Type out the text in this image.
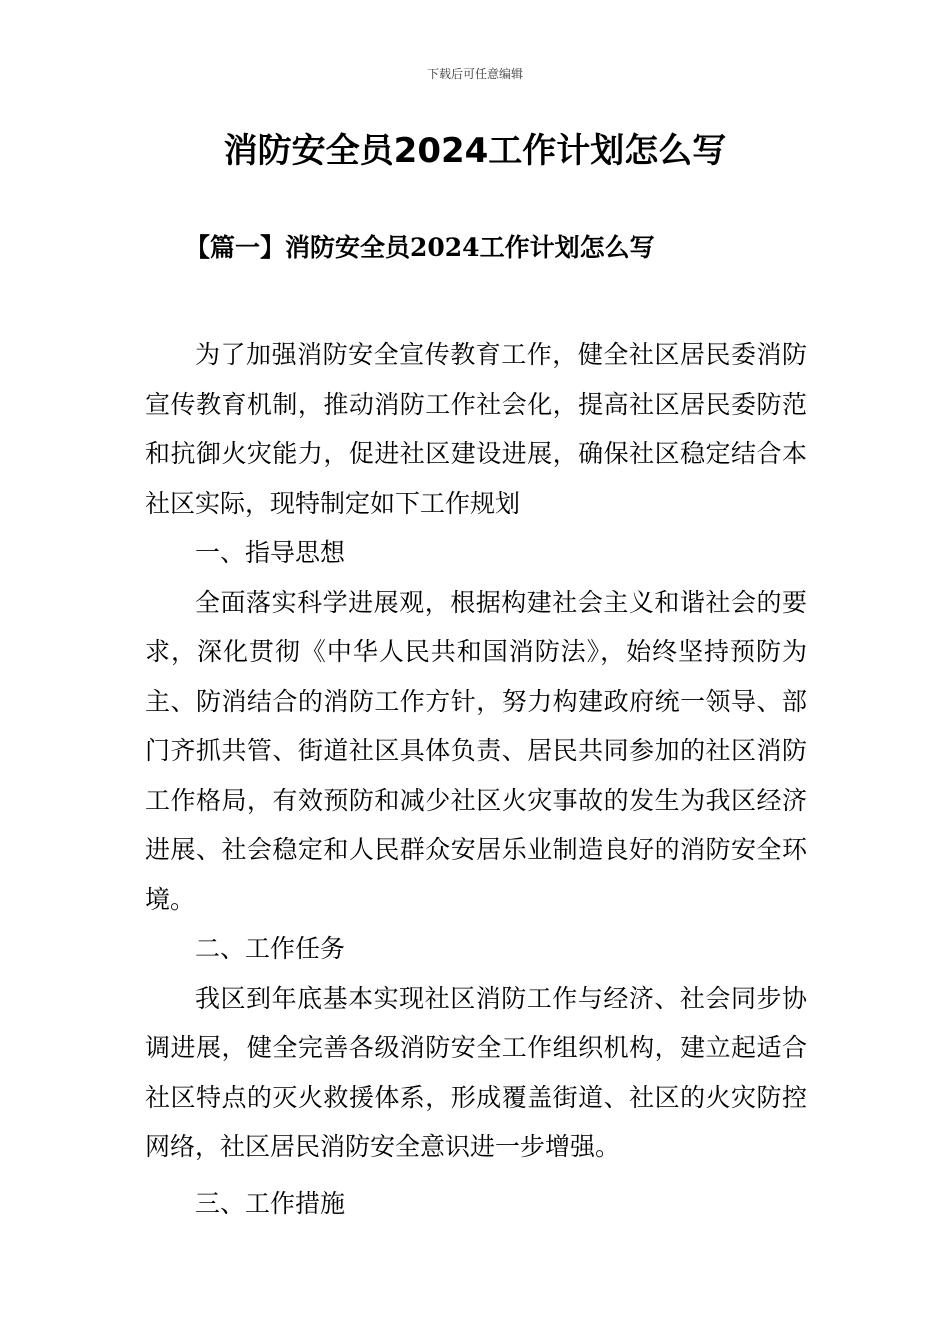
下载后可任意编辑
消防安全员2024工作计划怎么写
【篇一】消防安全员2024工作计划怎么写

为了加强消防安全宣传教育工作，健全社区居民委消防宣传教育机制，推动消防工作社会化，提高社区居民委防范和抗御火灾能力，促进社区建设进展，确保社区稳定结合本社区实际，现特制定如下工作规划

一、指导思想

全面落实科学进展观，根据构建社会主义和谐社会的要求，深化贯彻《中华人民共和国消防法》，始终坚持预防为主、防消结合的消防工作方针，努力构建政府统一领导、部门齐抓共管、街道社区具体负责、居民共同参加的社区消防工作格局，有效预防和减少社区火灾事故的发生为我区经济进展、社会稳定和人民群众安居乐业制造良好的消防安全环境。

二、工作任务

我区到年底基本实现社区消防工作与经济、社会同步协调进展，健全完善各级消防安全工作组织机构，建立起适合社区特点的灭火救援体系，形成覆盖街道、社区的火灾防控网络，社区居民消防安全意识进一步增强。

三、工作措施
